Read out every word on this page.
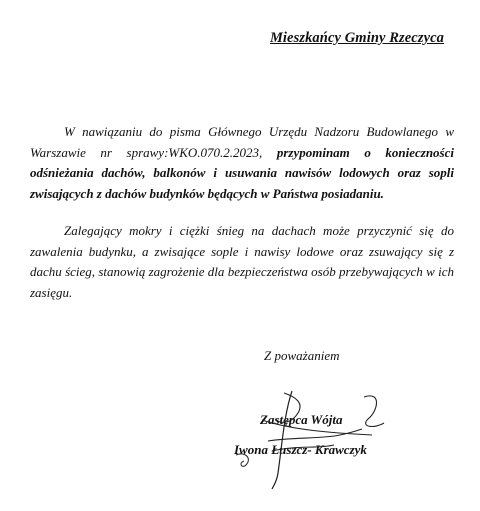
Mieszkańcy Gminy Rzeczyca
W nawiązaniu do pisma Głównego Urzędu Nadzoru Budowlanego w Warszawie nr sprawy:WKO.070.2.2023, przypominam o konieczności odśnieżania dachów, balkonów i usuwania nawisów lodowych oraz sopli zwisających z dachów budynków będących w Państwa posiadaniu.
Zalegający mokry i ciężki śnieg na dachach może przyczynić się do zawalenia budynku, a zwisające sople i nawisy lodowe oraz zsuwający się z dachu ścieg, stanowią zagrożenie dla bezpieczeństwa osób przebywających w ich zasięgu.
Z poważaniem
Zastępca Wójta
Iwona Łuszcz- Krawczyk
